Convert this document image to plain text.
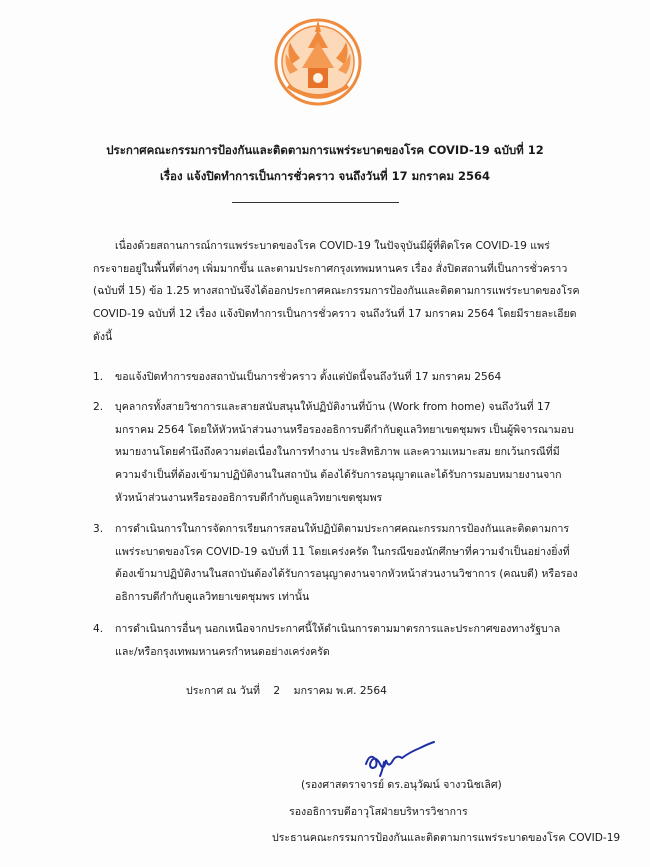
ประกาศคณะกรรมการป้องกันและติดตามการแพร่ระบาดของโรค COVID-19 ฉบับที่ 12
เรื่อง แจ้งปิดทำการเป็นการชั่วคราว จนถึงวันที่ 17 มกราคม 2564

เนื่องด้วยสถานการณ์การแพร่ระบาดของโรค COVID-19 ในปัจจุบันมีผู้ที่ติดโรค COVID-19 แพร่กระจายอยู่ในพื้นที่ต่างๆ เพิ่มมากขึ้น และตามประกาศกรุงเทพมหานคร เรื่อง สั่งปิดสถานที่เป็นการชั่วคราว (ฉบับที่ 15) ข้อ 1.25 ทางสถาบันจึงได้ออกประกาศคณะกรรมการป้องกันและติดตามการแพร่ระบาดของโรค COVID-19 ฉบับที่ 12 เรื่อง แจ้งปิดทำการเป็นการชั่วคราว จนถึงวันที่ 17 มกราคม 2564 โดยมีรายละเอียดดังนี้

1.	ขอแจ้งปิดทำการของสถาบันเป็นการชั่วคราว ตั้งแต่บัดนี้จนถึงวันที่ 17 มกราคม 2564
2.	บุคลากรทั้งสายวิชาการและสายสนับสนุนให้ปฏิบัติงานที่บ้าน (Work from home) จนถึงวันที่ 17 มกราคม 2564 โดยให้หัวหน้าส่วนงานหรือรองอธิการบดีกำกับดูแลวิทยาเขตชุมพร เป็นผู้พิจารณามอบหมายงานโดยคำนึงถึงความต่อเนื่องในการทำงาน ประสิทธิภาพ และความเหมาะสม ยกเว้นกรณีที่มีความจำเป็นที่ต้องเข้ามาปฏิบัติงานในสถาบัน ต้องได้รับการอนุญาตและได้รับการมอบหมายงานจากหัวหน้าส่วนงานหรือรองอธิการบดีกำกับดูแลวิทยาเขตชุมพร
3.	การดำเนินการในการจัดการเรียนการสอนให้ปฏิบัติตามประกาศคณะกรรมการป้องกันและติดตามการแพร่ระบาดของโรค COVID-19 ฉบับที่ 11 โดยเคร่งครัด ในกรณีของนักศึกษาที่ความจำเป็นอย่างยิ่งที่ต้องเข้ามาปฏิบัติงานในสถาบันต้องได้รับการอนุญาตงานจากหัวหน้าส่วนงานวิชาการ (คณบดี) หรือรองอธิการบดีกำกับดูแลวิทยาเขตชุมพร เท่านั้น
4.	การดำเนินการอื่นๆ นอกเหนือจากประกาศนี้ให้ดำเนินการตามมาตรการและประกาศของทางรัฐบาล และ/หรือกรุงเทพมหานครกำหนดอย่างเคร่งครัด
ประกาศ ณ วันที่    2    มกราคม พ.ศ. 2564
(รองศาสตราจารย์ ดร.อนุวัฒน์ จางวนิชเลิศ)
รองอธิการบดีอาวุโสฝ่ายบริหารวิชาการ
ประธานคณะกรรมการป้องกันและติดตามการแพร่ระบาดของโรค COVID-19
